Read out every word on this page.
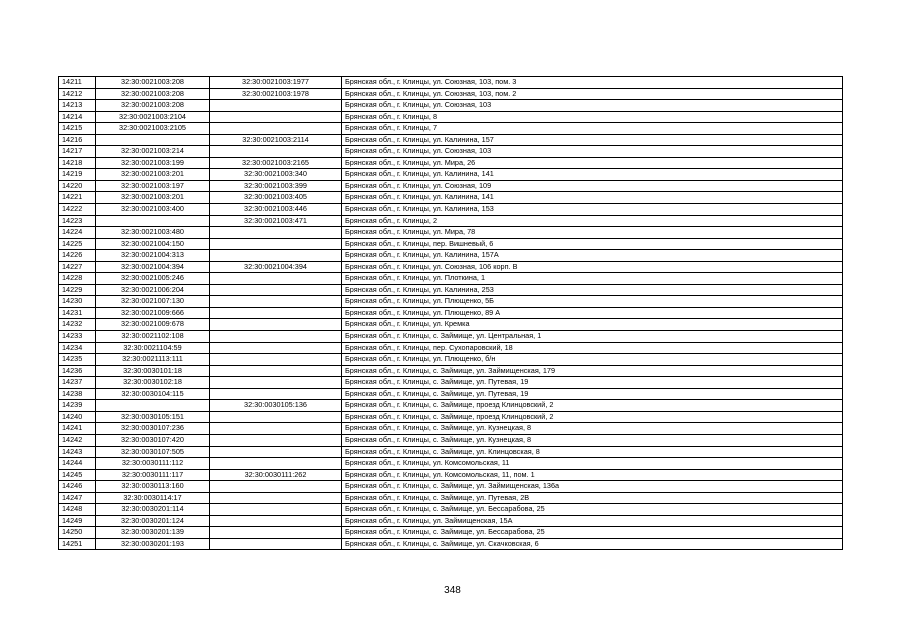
14211	32:30:0021003:208	32:30:0021003:1977	Брянская обл., г. Клинцы, ул. Союзная, 103, пом. 3
14212	32:30:0021003:208	32:30:0021003:1978	Брянская обл., г. Клинцы, ул. Союзная, 103, пом. 2
14213	32:30:0021003:208		Брянская обл., г. Клинцы, ул. Союзная, 103
14214	32:30:0021003:2104		Брянская обл., г. Клинцы, 8
14215	32:30:0021003:2105		Брянская обл., г. Клинцы, 7
14216		32:30:0021003:2114	Брянская обл., г. Клинцы, ул. Калинина, 157
14217	32:30:0021003:214		Брянская обл., г. Клинцы, ул. Союзная, 103
14218	32:30:0021003:199	32:30:0021003:2165	Брянская обл., г. Клинцы, ул. Мира, 26
14219	32:30:0021003:201	32:30:0021003:340	Брянская обл., г. Клинцы, ул. Калинина, 141
14220	32:30:0021003:197	32:30:0021003:399	Брянская обл., г. Клинцы, ул. Союзная, 109
14221	32:30:0021003:201	32:30:0021003:405	Брянская обл., г. Клинцы, ул. Калинина, 141
14222	32:30:0021003:400	32:30:0021003:446	Брянская обл., г. Клинцы, ул. Калинина, 153
14223		32:30:0021003:471	Брянская обл., г. Клинцы, 2
14224	32:30:0021003:480		Брянская обл., г. Клинцы, ул. Мира, 78
14225	32:30:0021004:150		Брянская обл., г. Клинцы, пер. Вишневый, 6
14226	32:30:0021004:313		Брянская обл., г. Клинцы, ул. Калинина, 157А
14227	32:30:0021004:394	32:30:0021004:394	Брянская обл., г. Клинцы, ул. Союзная, 106 корп. В
14228	32:30:0021005:246		Брянская обл., г. Клинцы, ул. Плоткина, 1
14229	32:30:0021006:204		Брянская обл., г. Клинцы, ул. Калинина, 253
14230	32:30:0021007:130		Брянская обл., г. Клинцы, ул. Плющенко, 5Б
14231	32:30:0021009:666		Брянская обл., г. Клинцы, ул. Плющенко, 89 А
14232	32:30:0021009:678		Брянская обл., г. Клинцы, ул. Кремка
14233	32:30:0021102:108		Брянская обл., г. Клинцы, с. Займище, ул. Центральная, 1
14234	32:30:0021104:59		Брянская обл., г. Клинцы, пер. Сухопаровский, 18
14235	32:30:0021113:111		Брянская обл., г. Клинцы, ул. Плющенко, б/н
14236	32:30:0030101:18		Брянская обл., г. Клинцы, с. Займище, ул. Займищенская, 179
14237	32:30:0030102:18		Брянская обл., г. Клинцы, с. Займище, ул. Путевая, 19
14238	32:30:0030104:115		Брянская обл., г. Клинцы, с. Займище, ул. Путевая, 19
14239		32:30:0030105:136	Брянская обл., г. Клинцы, с. Займище, проезд Клинцовский, 2
14240	32:30:0030105:151		Брянская обл., г. Клинцы, с. Займище, проезд Клинцовский, 2
14241	32:30:0030107:236		Брянская обл., г. Клинцы, с. Займище, ул. Кузнецкая, 8
14242	32:30:0030107:420		Брянская обл., г. Клинцы, с. Займище, ул. Кузнецкая, 8
14243	32:30:0030107:505		Брянская обл., г. Клинцы, с. Займище, ул. Клинцовская, 8
14244	32:30:0030111:112		Брянская обл., г. Клинцы, ул. Комсомольская, 11
14245	32:30:0030111:117	32:30:0030111:262	Брянская обл., г. Клинцы, ул. Комсомольская, 11, пом. 1
14246	32:30:0030113:160		Брянская обл., г. Клинцы, с. Займище, ул. Займищенская, 136а
14247	32:30:0030114:17		Брянская обл., г. Клинцы, с. Займище, ул. Путевая, 2В
14248	32:30:0030201:114		Брянская обл., г. Клинцы, с. Займище, ул. Бессарабова, 25
14249	32:30:0030201:124		Брянская обл., г. Клинцы, ул. Займищенская, 15А
14250	32:30:0030201:139		Брянская обл., г. Клинцы, с. Займище, ул. Бессарабова, 25
14251	32:30:0030201:193		Брянская обл., г. Клинцы, с. Займище, ул. Скачковская, 6
348
